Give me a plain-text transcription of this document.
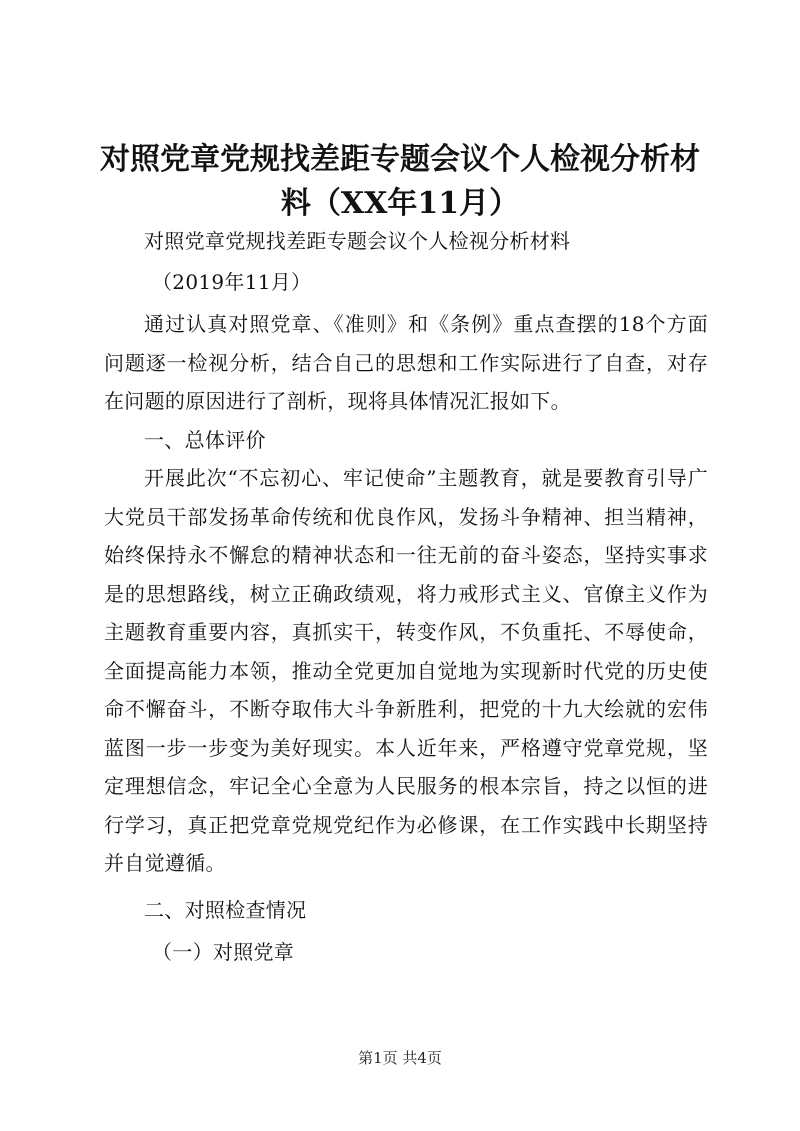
对照党章党规找差距专题会议个人检视分析材
料（XX年11月）

对照党章党规找差距专题会议个人检视分析材料

（2019年11月）

通过认真对照党章、《准则》和《条例》重点查摆的18个方面问题逐一检视分析，结合自己的思想和工作实际进行了自查，对存在问题的原因进行了剖析，现将具体情况汇报如下。

一、总体评价

开展此次“不忘初心、牢记使命”主题教育，就是要教育引导广大党员干部发扬革命传统和优良作风，发扬斗争精神、担当精神，始终保持永不懈怠的精神状态和一往无前的奋斗姿态，坚持实事求是的思想路线，树立正确政绩观，将力戒形式主义、官僚主义作为主题教育重要内容，真抓实干，转变作风，不负重托、不辱使命，全面提高能力本领，推动全党更加自觉地为实现新时代党的历史使命不懈奋斗，不断夺取伟大斗争新胜利，把党的十九大绘就的宏伟蓝图一步一步变为美好现实。本人近年来，严格遵守党章党规，坚定理想信念，牢记全心全意为人民服务的根本宗旨，持之以恒的进行学习，真正把党章党规党纪作为必修课，在工作实践中长期坚持并自觉遵循。

二、对照检查情况

（一）对照党章

第1页 共4页
